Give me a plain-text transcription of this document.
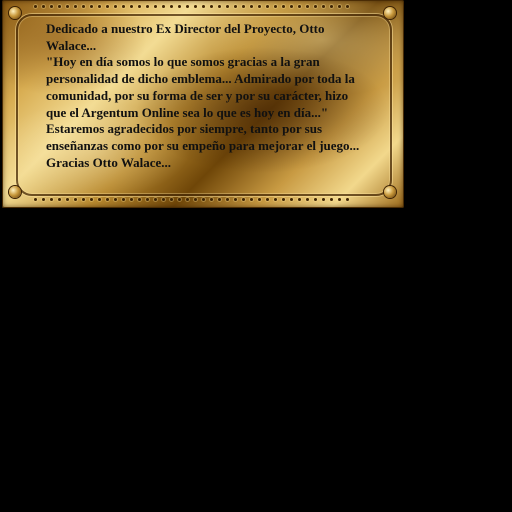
Dedicado a nuestro Ex Director del Proyecto, Otto Walace...
"Hoy en día somos lo que somos gracias a la gran personalidad de dicho emblema... Admirado por toda la comunidad, por su forma de ser y por su carácter, hizo que el Argentum Online sea lo que es hoy en día..."
Estaremos agradecidos por siempre, tanto por sus enseñanzas como por su empeño para mejorar el juego... Gracias Otto Walace...
